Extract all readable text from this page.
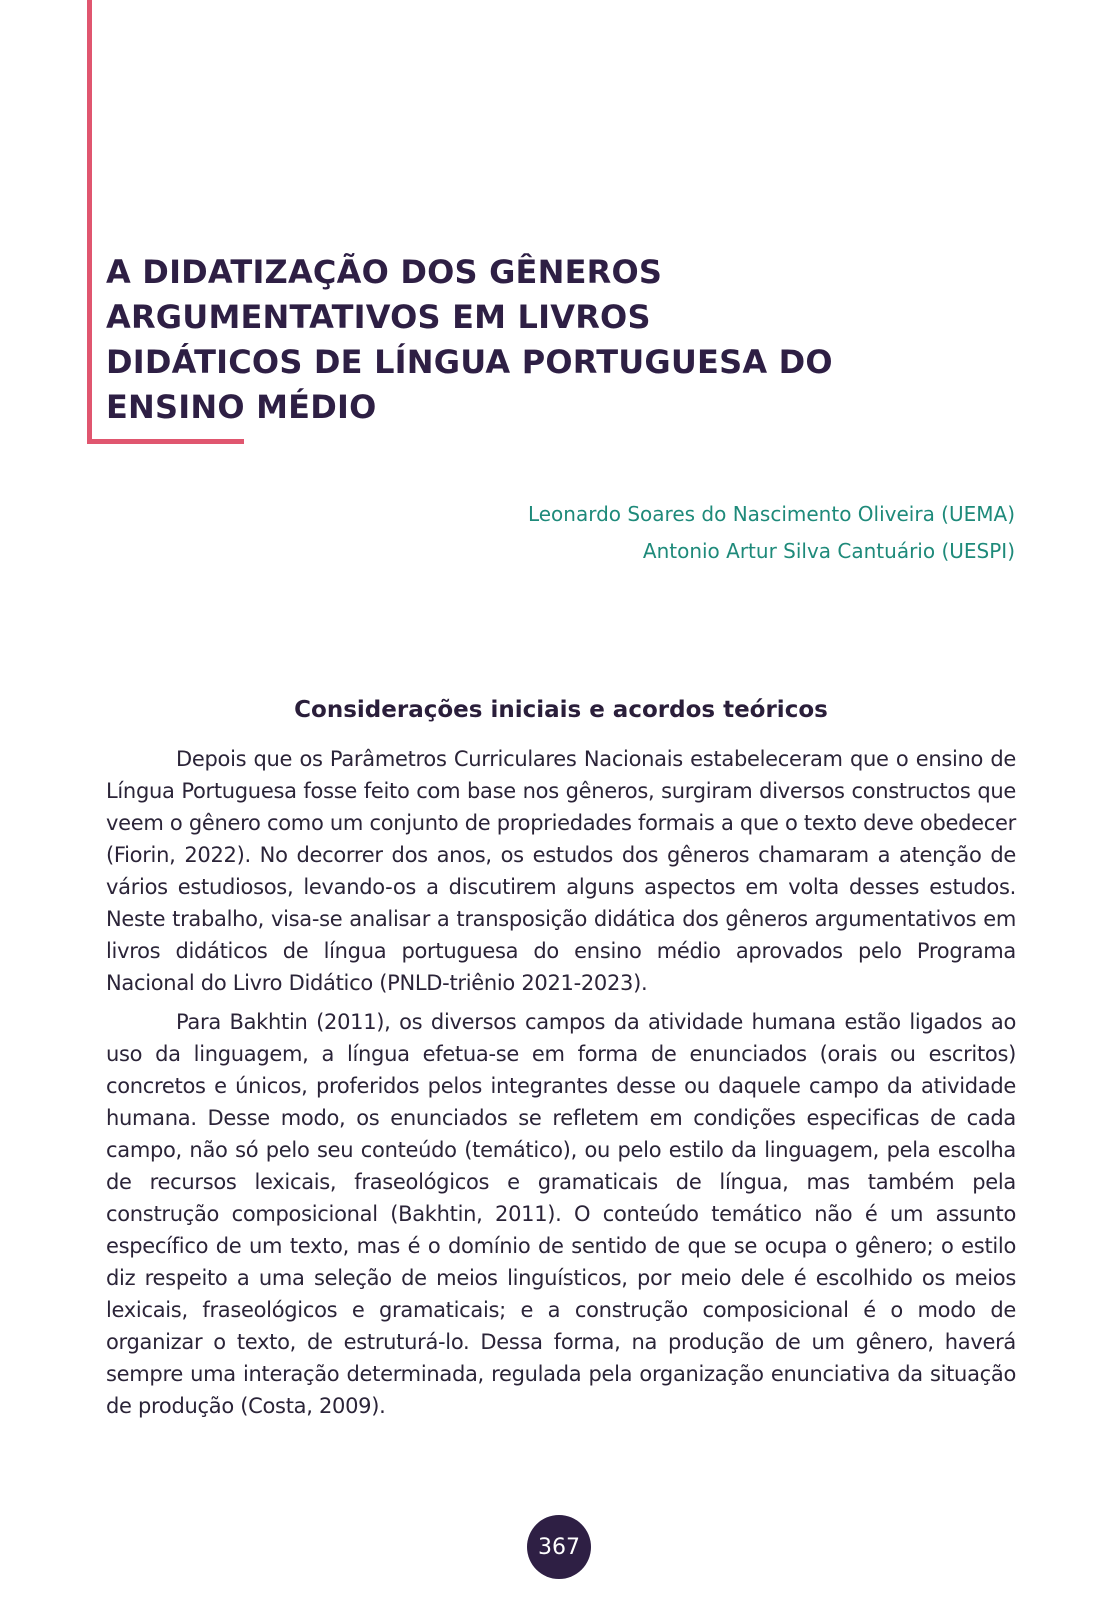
A DIDATIZAÇÃO DOS GÊNEROS
ARGUMENTATIVOS EM LIVROS
DIDÁTICOS DE LÍNGUA PORTUGUESA DO
ENSINO MÉDIO
Leonardo Soares do Nascimento Oliveira (UEMA)
Antonio Artur Silva Cantuário (UESPI)
Considerações iniciais e acordos teóricos

Depois que os Parâmetros Curriculares Nacionais estabeleceram que o ensino de Língua Portuguesa fosse feito com base nos gêneros, surgiram diversos constructos que veem o gênero como um conjunto de propriedades formais a que o texto deve obedecer (Fiorin, 2022). No decorrer dos anos, os estudos dos gêneros chamaram a atenção de vários estudiosos, levando-os a discutirem alguns aspectos em volta desses estudos. Neste trabalho, visa-se analisar a transposição didática dos gêneros argumentativos em livros didáticos de língua portuguesa do ensino médio aprovados pelo Programa Nacional do Livro Didático (PNLD-triênio 2021-2023).

Para Bakhtin (2011), os diversos campos da atividade humana estão ligados ao uso da linguagem, a língua efetua-se em forma de enunciados (orais ou escritos) concretos e únicos, proferidos pelos integrantes desse ou daquele campo da atividade humana. Desse modo, os enunciados se refletem em condições especificas de cada campo, não só pelo seu conteúdo (temático), ou pelo estilo da linguagem, pela escolha de recursos lexicais, fraseológicos e gramaticais de língua, mas também pela construção composicional (Bakhtin, 2011). O conteúdo temático não é um assunto específico de um texto, mas é o domínio de sentido de que se ocupa o gênero; o estilo diz respeito a uma seleção de meios linguísticos, por meio dele é escolhido os meios lexicais, fraseológicos e gramaticais; e a construção composicional é o modo de organizar o texto, de estruturá-lo. Dessa forma, na produção de um gênero, haverá sempre uma interação determinada, regulada pela organização enunciativa da situação de produção (Costa, 2009).

367
